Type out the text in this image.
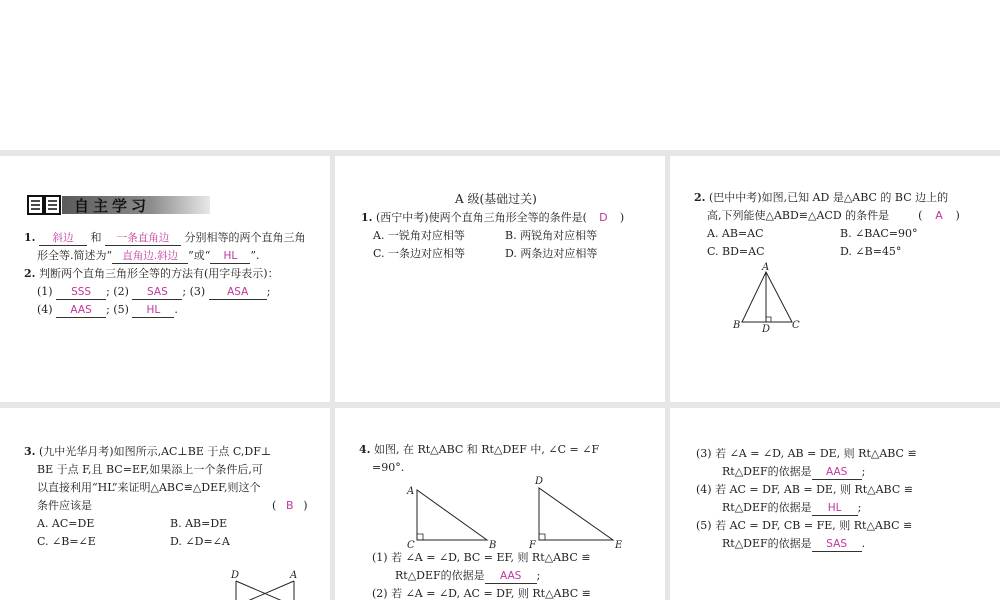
自主学习
1. 斜边 和 一条直角边 分别相等的两个直角三角
形全等.简述为“ 直角边.斜边 ”或“ HL ”.
2. 判断两个直角三角形全等的方法有(用字母表示)：
(1) SSS ; (2) SAS ; (3) ASA ;
(4) AAS ; (5) HL .
A 级(基础过关)
1. (西宁中考)使两个直角三角形全等的条件是( D )
A. 一锐角对应相等	B. 两锐角对应相等
C. 一条边对应相等	D. 两条边对应相等
2. (巴中中考)如图,已知 AD 是△ABC 的 BC 边上的
高,下列能使△ABD≌△ACD 的条件是	( A )
A. AB=AC	B. ∠BAC=90°
C. BD=AC	D. ∠B=45°
A
B D C
3. (九中光华月考)如图所示,AC⊥BE 于点 C,DF⊥
BE 于点 F,且 BC=EF,如果添上一个条件后,可
以直接利用“HL”来证明△ABC≌△DEF,则这个
条件应该是	( B )
A. AC=DE	B. AB=DE
C. ∠B=∠E	D. ∠D=∠A
D	A
4. 如图, 在 Rt△ABC 和 Rt△DEF 中, ∠C = ∠F
=90°.
A
C	B
D
F	E
(1) 若 ∠A = ∠D, BC = EF, 则 Rt△ABC ≌
Rt△DEF的依据是 AAS ;
(2) 若 ∠A = ∠D, AC = DF, 则 Rt△ABC ≌
(3) 若 ∠A = ∠D, AB = DE, 则 Rt△ABC ≌
Rt△DEF的依据是 AAS ;
(4) 若 AC = DF, AB = DE, 则 Rt△ABC ≌
Rt△DEF的依据是 HL ;
(5) 若 AC = DF, CB = FE, 则 Rt△ABC ≌
Rt△DEF的依据是 SAS .
